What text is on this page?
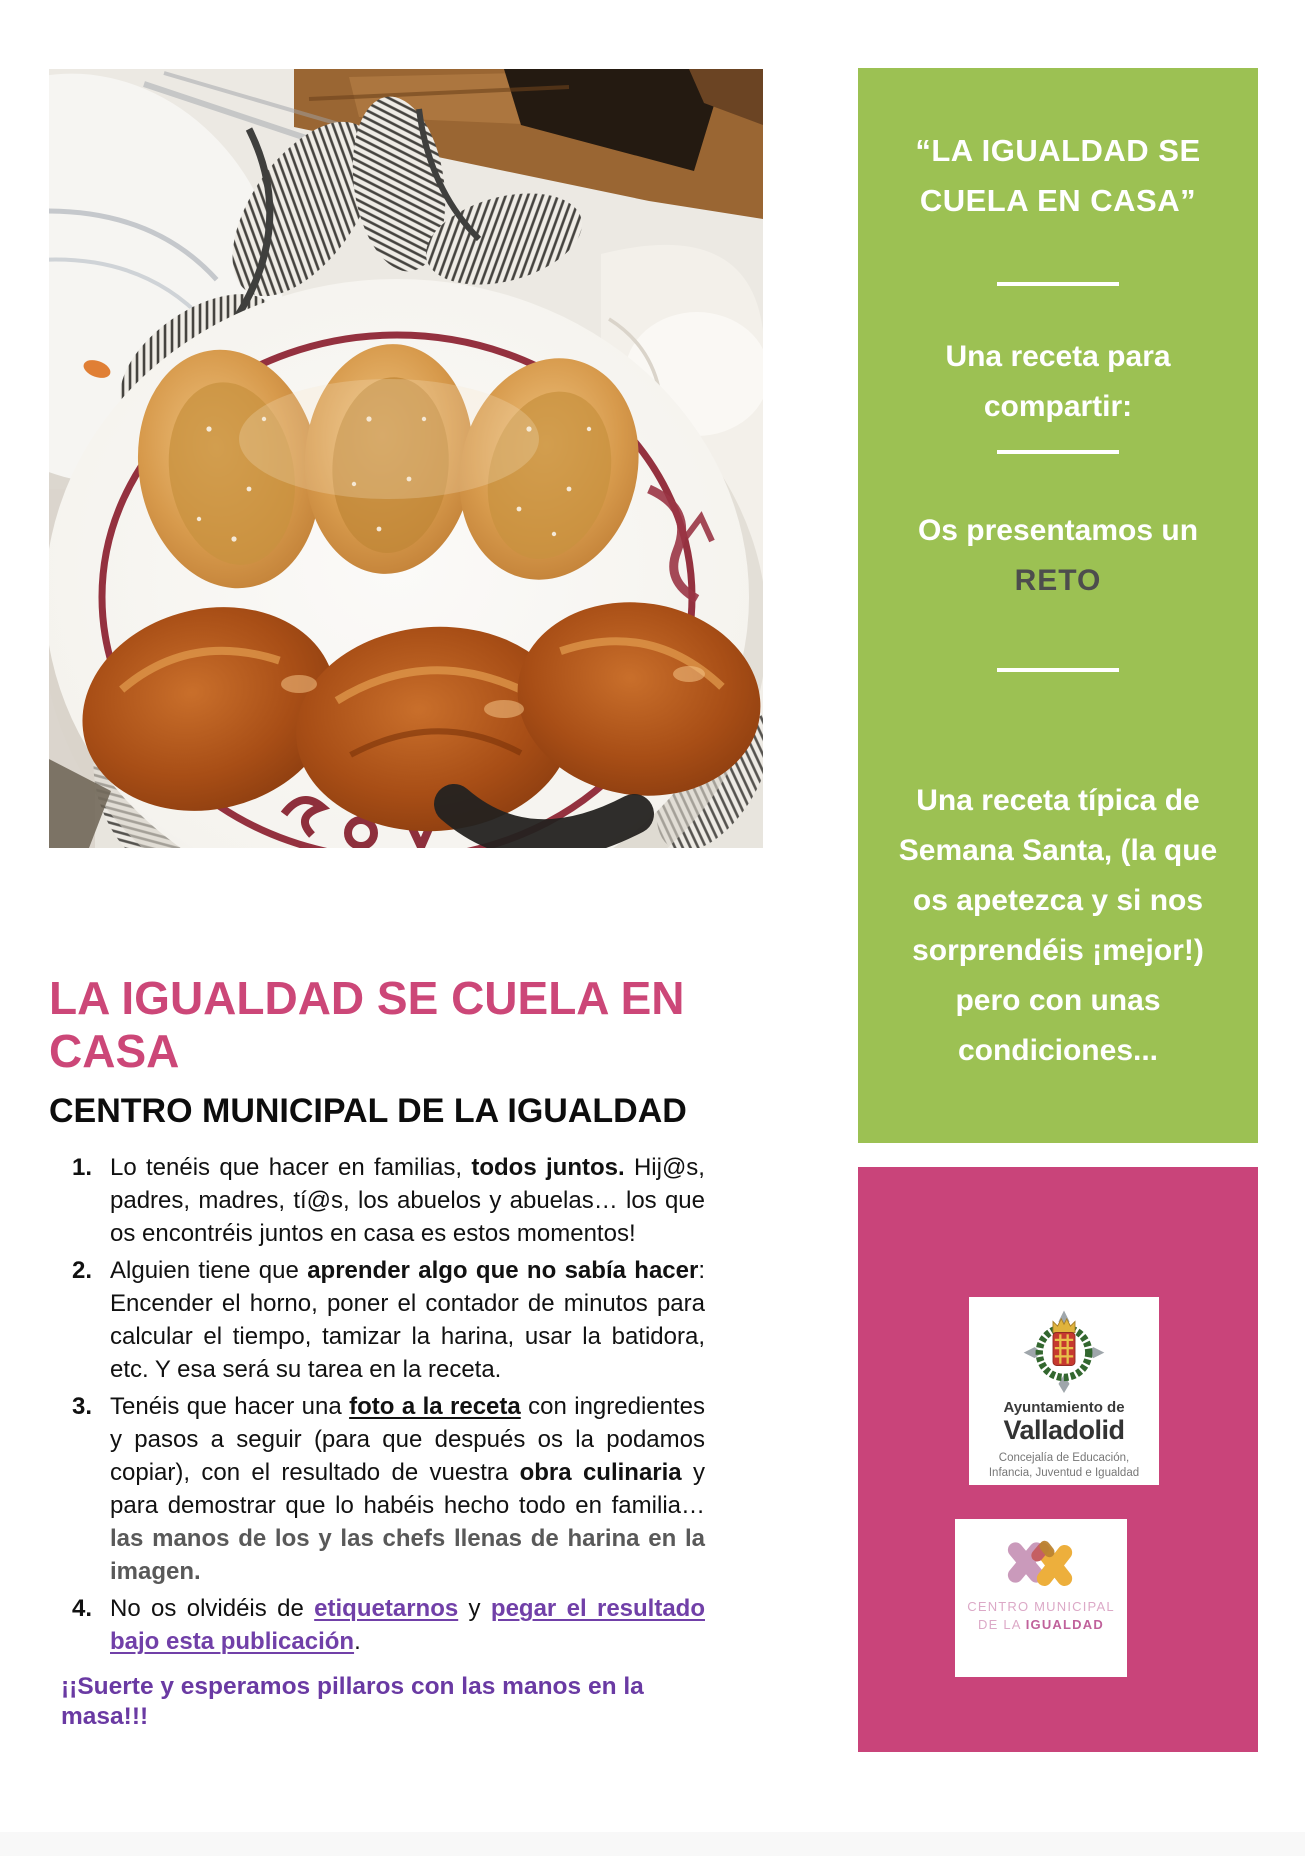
“LA IGUALDAD SE CUELA EN CASA”

Una receta para compartir:

Os presentamos un
RETO

Una receta típica de Semana Santa, (la que os apetezca y si nos sorprendéis ¡mejor!) pero con unas condiciones...

Ayuntamiento de
Valladolid
Concejalía de Educación,
Infancia, Juventud e Igualdad
CENTRO MUNICIPAL
DE LA IGUALDAD
LA IGUALDAD SE CUELA EN CASA
CENTRO MUNICIPAL DE LA IGUALDAD
Lo tenéis que hacer en familias, todos juntos. Hij@s, padres, madres, tí@s, los abuelos y abuelas… los que os encontréis juntos en casa es estos momentos!
Alguien tiene que aprender algo que no sabía hacer: Encender el horno, poner el contador de minutos para calcular el tiempo, tamizar la harina, usar la batidora, etc. Y esa será su tarea en la receta.
Tenéis que hacer una foto a la receta con ingredientes y pasos a seguir (para que después os la podamos copiar), con el resultado de vuestra obra culinaria y para demostrar que lo habéis hecho todo en familia… las manos de los y las chefs llenas de harina en la imagen.
No os olvidéis de etiquetarnos y pegar el resultado bajo esta publicación.

¡¡Suerte y esperamos pillaros con las manos en la masa!!!
